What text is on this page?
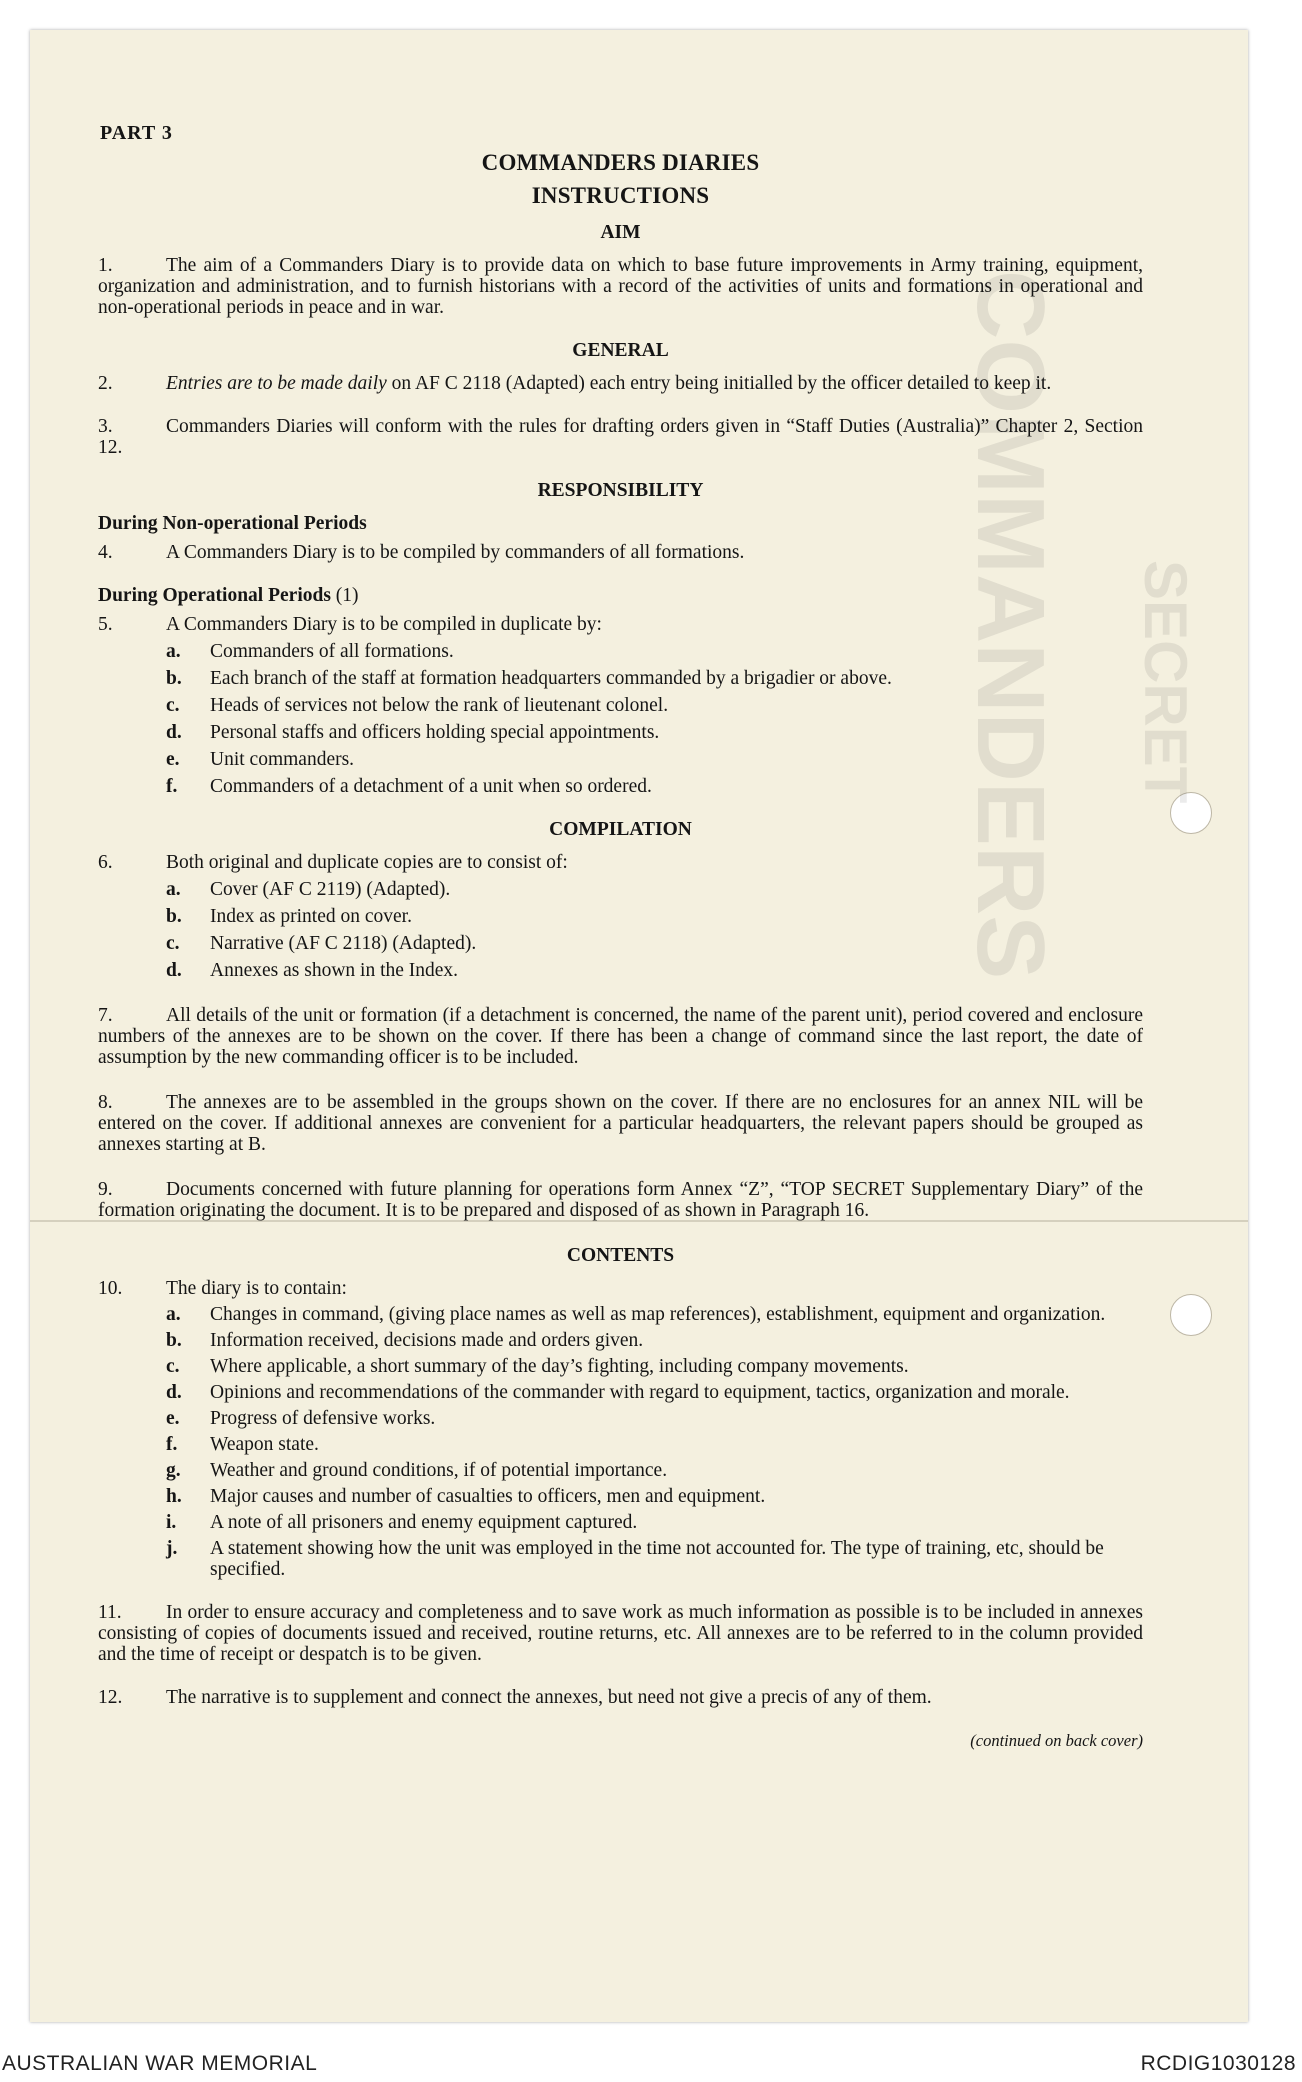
COMMANDERS SECRET
PART 3
COMMANDERS DIARIES
INSTRUCTIONS
AIM

1.	The aim of a Commanders Diary is to provide data on which to base future improvements in Army training, equipment, organization and administration, and to furnish historians with a record of the activities of units and formations in operational and non-operational periods in peace and in war.

GENERAL

2.	Entries are to be made daily on AF C 2118 (Adapted) each entry being initialled by the officer detailed to keep it.

3.	Commanders Diaries will conform with the rules for drafting orders given in “Staff Duties (Australia)” Chapter 2, Section 12.

RESPONSIBILITY

During Non-operational Periods

4.	A Commanders Diary is to be compiled by commanders of all formations.

During Operational Periods (1)

5.	A Commanders Diary is to be compiled in duplicate by:
a.	Commanders of all formations.
b.	Each branch of the staff at formation headquarters commanded by a brigadier or above.
c.	Heads of services not below the rank of lieutenant colonel.
d.	Personal staffs and officers holding special appointments.
e.	Unit commanders.
f.	Commanders of a detachment of a unit when so ordered.
COMPILATION
6.	Both original and duplicate copies are to consist of:
a.	Cover (AF C 2119) (Adapted).
b.	Index as printed on cover.
c.	Narrative (AF C 2118) (Adapted).
d.	Annexes as shown in the Index.

7.	All details of the unit or formation (if a detachment is concerned, the name of the parent unit), period covered and enclosure numbers of the annexes are to be shown on the cover. If there has been a change of command since the last report, the date of assumption by the new commanding officer is to be included.

8.	The annexes are to be assembled in the groups shown on the cover. If there are no enclosures for an annex NIL will be entered on the cover. If additional annexes are convenient for a particular headquarters, the relevant papers should be grouped as annexes starting at B.

9.	Documents concerned with future planning for operations form Annex “Z”, “TOP SECRET Supplementary Diary” of the formation originating the document. It is to be prepared and disposed of as shown in Paragraph 16.

CONTENTS
10.	The diary is to contain:
a.	Changes in command, (giving place names as well as map references), establishment, equipment and organization.
b.	Information received, decisions made and orders given.
c.	Where applicable, a short summary of the day’s fighting, including company movements.
d.	Opinions and recommendations of the commander with regard to equipment, tactics, organization and morale.
e.	Progress of defensive works.
f.	Weapon state.
g.	Weather and ground conditions, if of potential importance.
h.	Major causes and number of casualties to officers, men and equipment.
i.	A note of all prisoners and enemy equipment captured.
j.	A statement showing how the unit was employed in the time not accounted for. The type of training, etc, should be specified.

11. In order to ensure accuracy and completeness and to save work as much information as possible is to be included in annexes consisting of copies of documents issued and received, routine returns, etc. All annexes are to be referred to in the column provided and the time of receipt or despatch is to be given.

12. The narrative is to supplement and connect the annexes, but need not give a precis of any of them.

(continued on back cover)

AUSTRALIAN WAR MEMORIAL	RCDIG1030128
